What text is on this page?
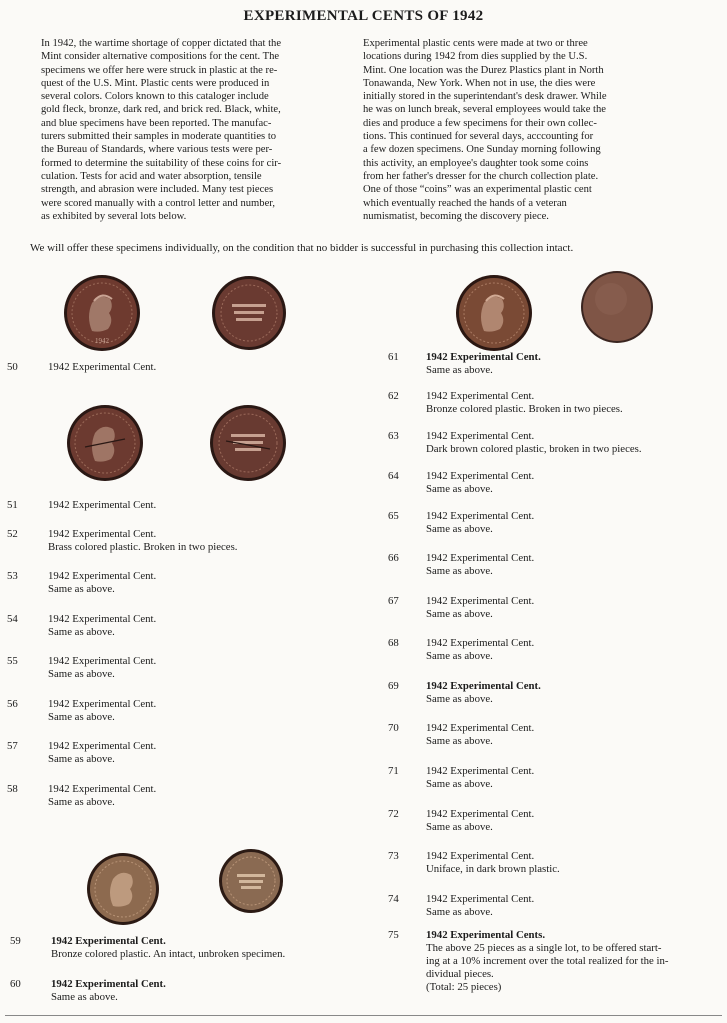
EXPERIMENTAL CENTS OF 1942

In 1942, the wartime shortage of copper dictated that the
Mint consider alternative compositions for the cent. The
specimens we offer here were struck in plastic at the re-
quest of the U.S. Mint. Plastic cents were produced in
several colors. Colors known to this cataloger include
gold fleck, bronze, dark red, and brick red. Black, white,
and blue specimens have been reported. The manufac-
turers submitted their samples in moderate quantities to
the Bureau of Standards, where various tests were per-
formed to determine the suitability of these coins for cir-
culation. Tests for acid and water absorption, tensile
strength, and abrasion were included. Many test pieces
were scored manually with a control letter and number,
as exhibited by several lots below.

Experimental plastic cents were made at two or three
locations during 1942 from dies supplied by the U.S.
Mint. One location was the Durez Plastics plant in North
Tonawanda, New York. When not in use, the dies were
initially stored in the superintendant's desk drawer. While
he was on lunch break, several employees would take the
dies and produce a few specimens for their own collec-
tions. This continued for several days, acccounting for
a few dozen specimens. One Sunday morning following
this activity, an employee's daughter took some coins
from her father's dresser for the church collection plate.
One of those “coins” was an experimental plastic cent
which eventually reached the hands of a veteran
numismatist, becoming the discovery piece.

We will offer these specimens individually, on the condition that no bidder is successful in purchasing this collection intact.

1942
50	1942 Experimental Cent.
51	1942 Experimental Cent.
52	1942 Experimental Cent.
Brass colored plastic. Broken in two pieces.
53	1942 Experimental Cent.
Same as above.
54	1942 Experimental Cent.
Same as above.
55	1942 Experimental Cent.
Same as above.
56	1942 Experimental Cent.
Same as above.
57	1942 Experimental Cent.
Same as above.
58	1942 Experimental Cent.
Same as above.
59	1942 Experimental Cent.
Bronze colored plastic. An intact, unbroken specimen.
60	1942 Experimental Cent.
Same as above.
61	1942 Experimental Cent.
Same as above.
62	1942 Experimental Cent.
Bronze colored plastic. Broken in two pieces.
63	1942 Experimental Cent.
Dark brown colored plastic, broken in two pieces.
64	1942 Experimental Cent.
Same as above.
65	1942 Experimental Cent.
Same as above.
66	1942 Experimental Cent.
Same as above.
67	1942 Experimental Cent.
Same as above.
68	1942 Experimental Cent.
Same as above.
69	1942 Experimental Cent.
Same as above.
70	1942 Experimental Cent.
Same as above.
71	1942 Experimental Cent.
Same as above.
72	1942 Experimental Cent.
Same as above.
73	1942 Experimental Cent.
Uniface, in dark brown plastic.
74	1942 Experimental Cent.
Same as above.
75	1942 Experimental Cents.
The above 25 pieces as a single lot, to be offered start-
ing at a 10% increment over the total realized for the in-
dividual pieces.
(Total: 25 pieces)
